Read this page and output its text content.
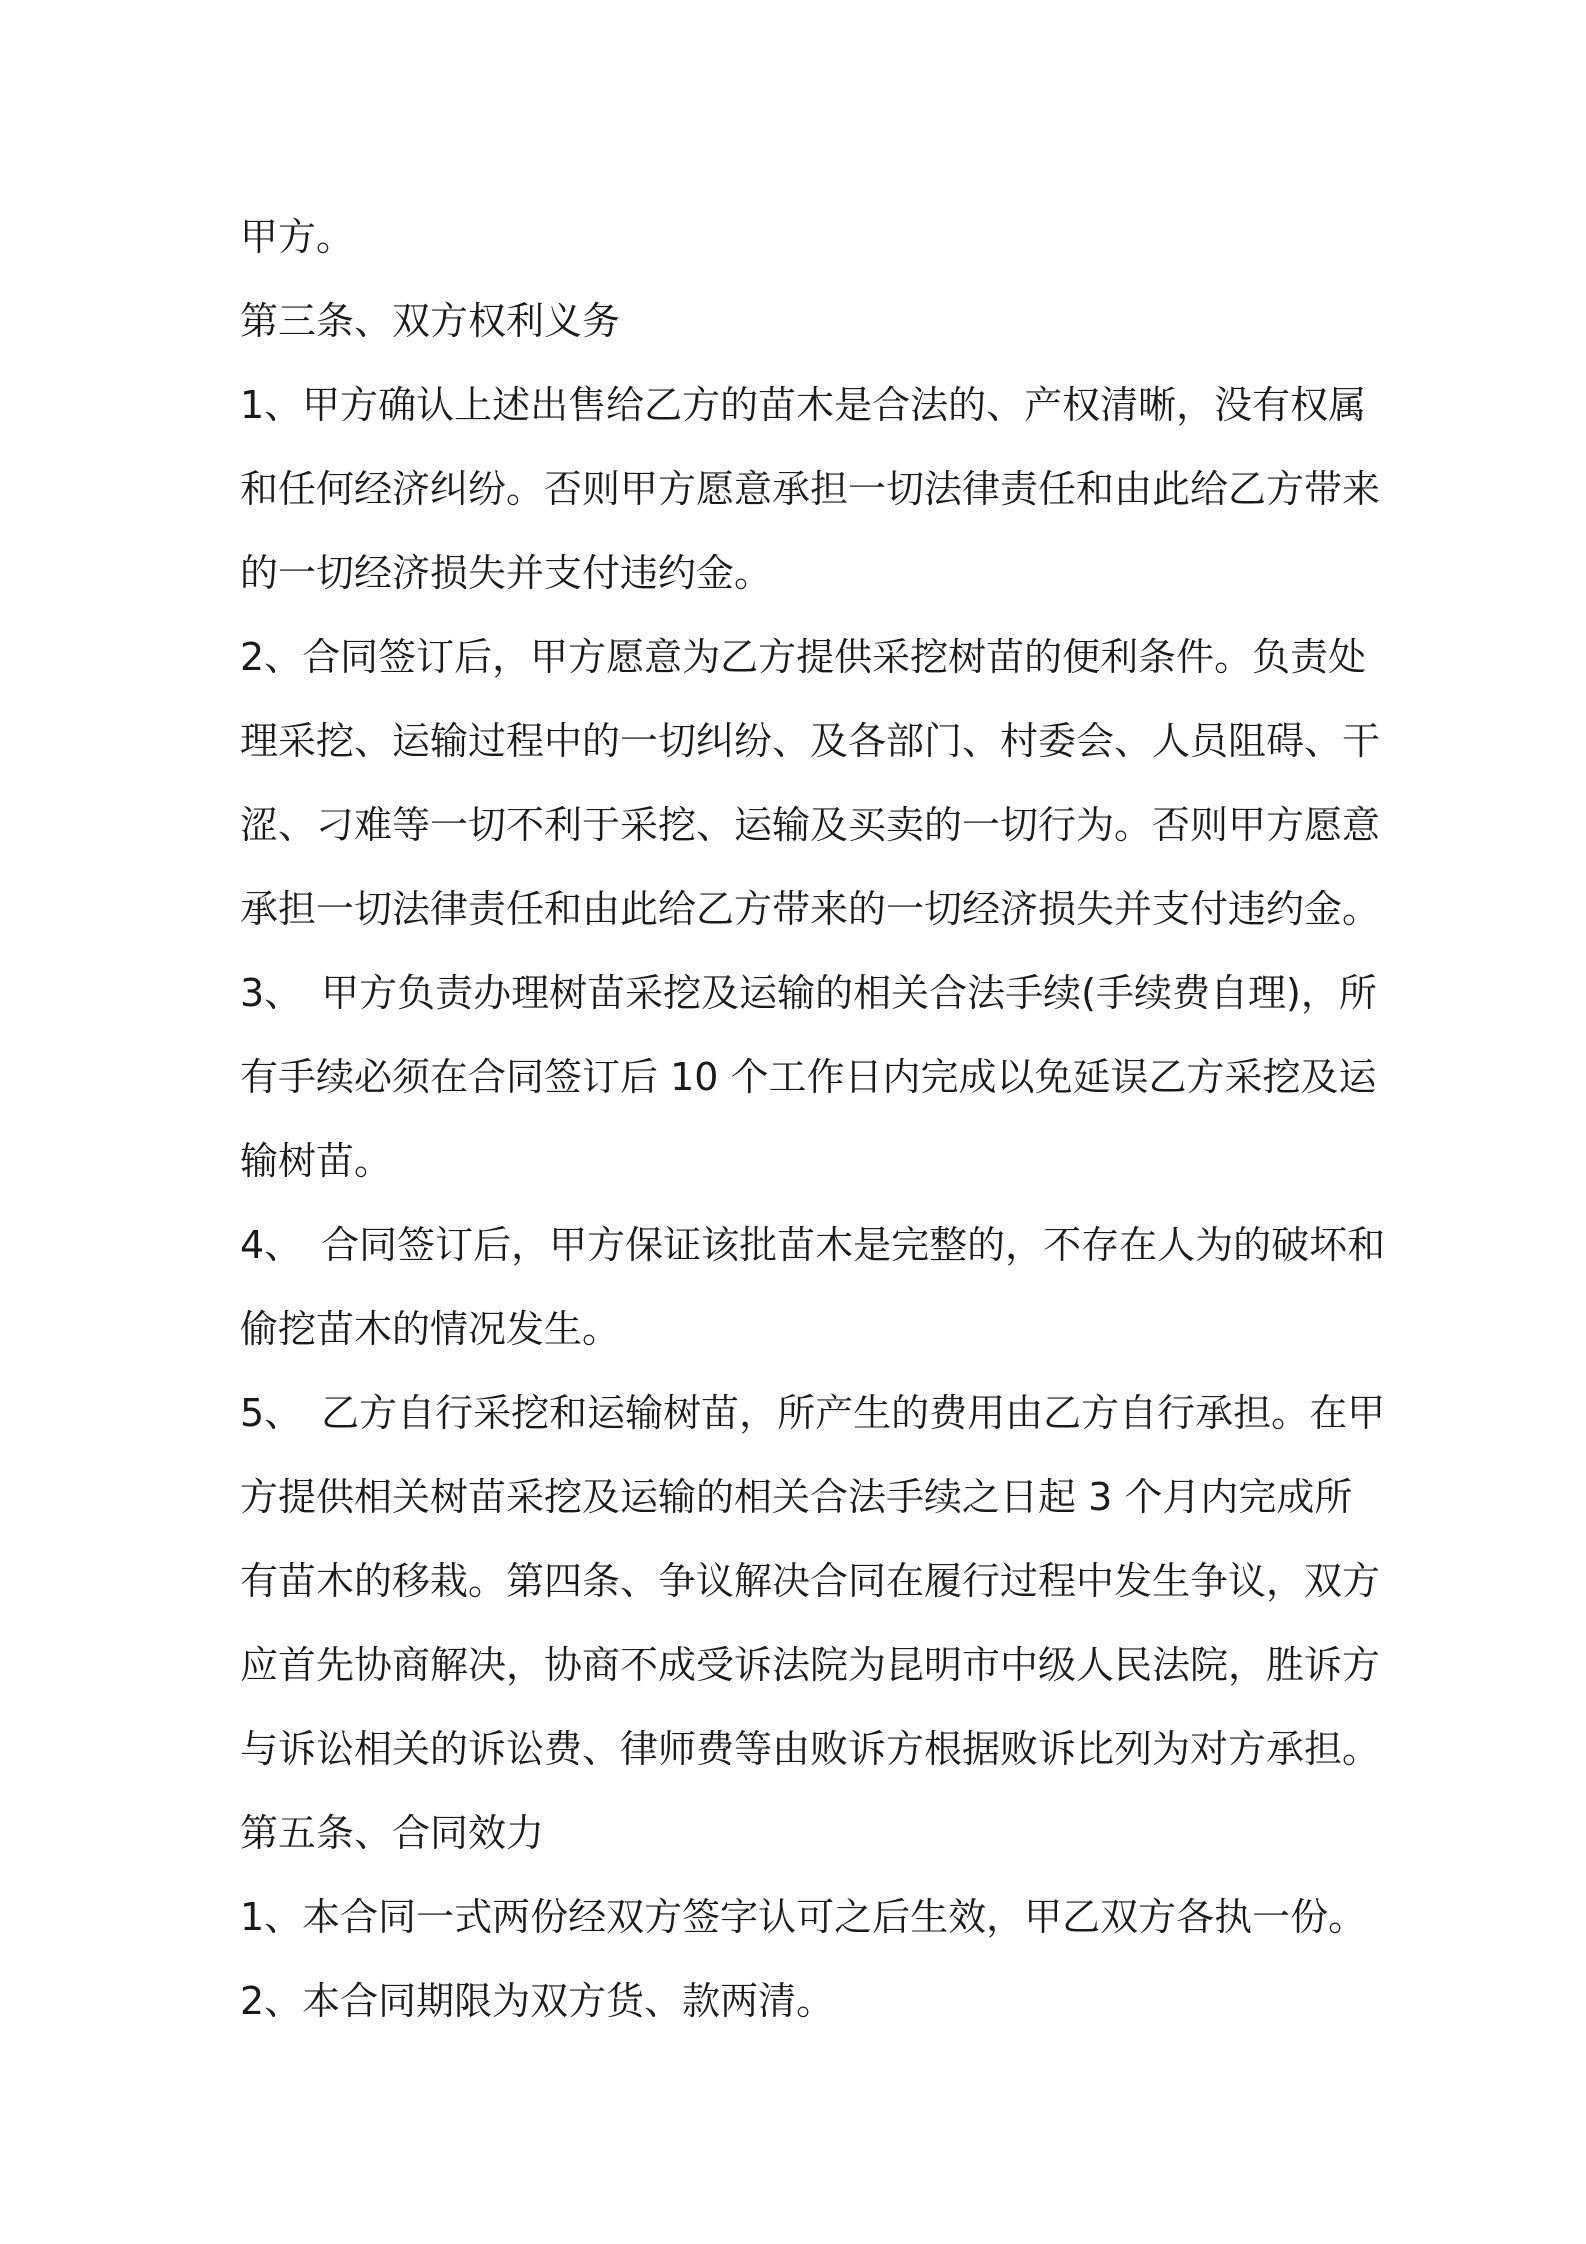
甲方。
第三条、双方权利义务
1、甲方确认上述出售给乙方的苗木是合法的、产权清晰，没有权属
和任何经济纠纷。否则甲方愿意承担一切法律责任和由此给乙方带来
的一切经济损失并支付违约金。
2、合同签订后，甲方愿意为乙方提供采挖树苗的便利条件。负责处
理采挖、运输过程中的一切纠纷、及各部门、村委会、人员阻碍、干
涩、刁难等一切不利于采挖、运输及买卖的一切行为。否则甲方愿意
承担一切法律责任和由此给乙方带来的一切经济损失并支付违约金。
3、　甲方负责办理树苗采挖及运输的相关合法手续(手续费自理)，所
有手续必须在合同签订后 10 个工作日内完成以免延误乙方采挖及运
输树苗。
4、　合同签订后，甲方保证该批苗木是完整的，不存在人为的破坏和
偷挖苗木的情况发生。
5、　乙方自行采挖和运输树苗，所产生的费用由乙方自行承担。在甲
方提供相关树苗采挖及运输的相关合法手续之日起 3 个月内完成所
有苗木的移栽。第四条、争议解决合同在履行过程中发生争议，双方
应首先协商解决，协商不成受诉法院为昆明市中级人民法院，胜诉方
与诉讼相关的诉讼费、律师费等由败诉方根据败诉比列为对方承担。
第五条、合同效力
1、本合同一式两份经双方签字认可之后生效，甲乙双方各执一份。
2、本合同期限为双方货、款两清。
